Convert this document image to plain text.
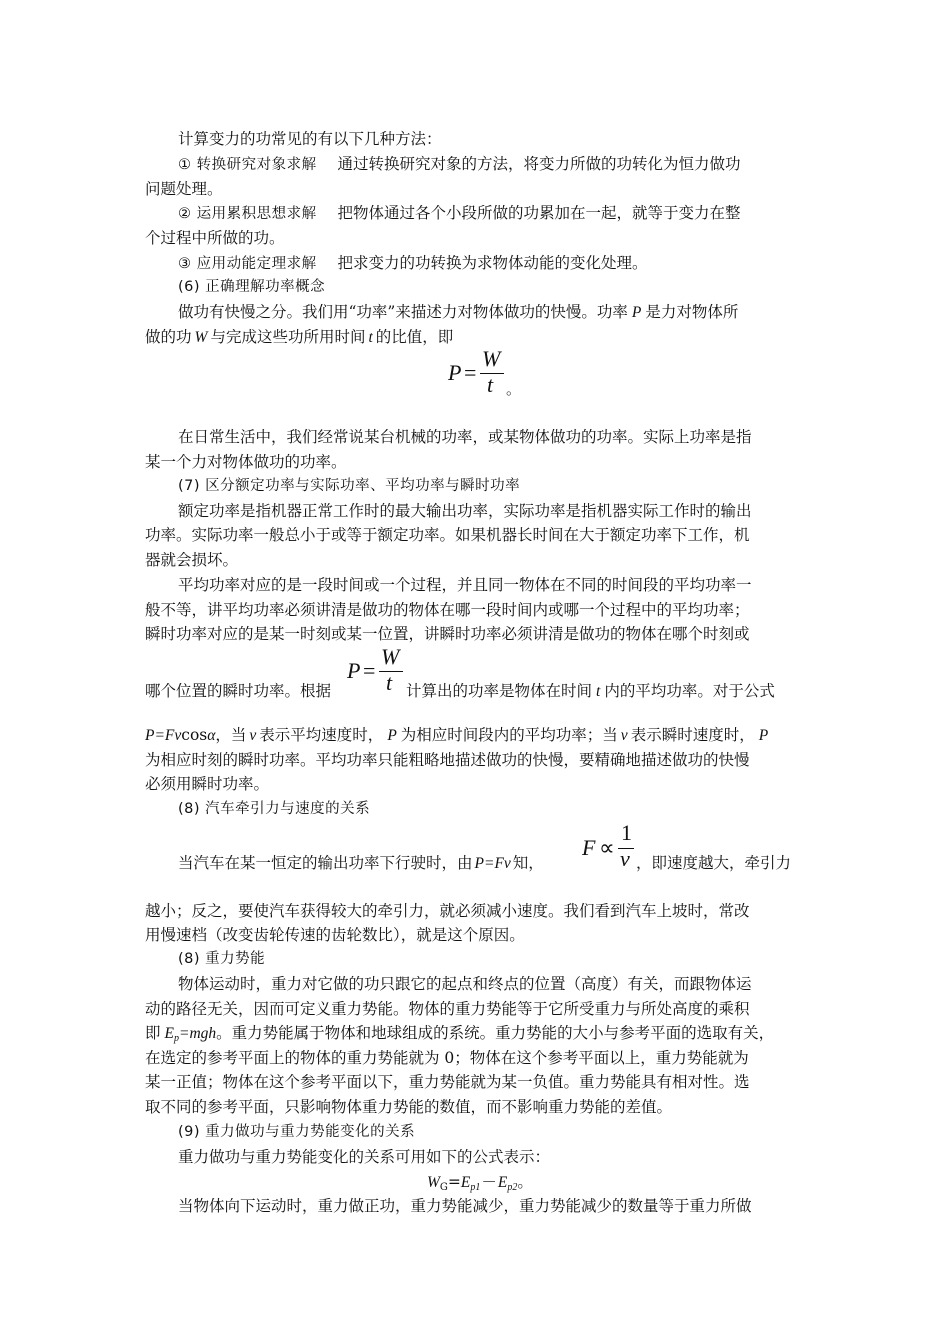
计算变力的功常见的有以下几种方法：
① 转换研究对象求解 通过转换研究对象的方法，将变力所做的功转化为恒力做功
问题处理。
② 运用累积思想求解 把物体通过各个小段所做的功累加在一起，就等于变力在整
个过程中所做的功。
③ 应用动能定理求解 把求变力的功转换为求物体动能的变化处理。
(6) 正确理解功率概念
做功有快慢之分。我们用“功率”来描述力对物体做功的快慢。功率 P 是力对物体所
做的功 W 与完成这些功所用时间 t 的比值，即
P =
W
t 。
在日常生活中，我们经常说某台机械的功率，或某物体做功的功率。实际上功率是指
某一个力对物体做功的功率。
(7) 区分额定功率与实际功率、平均功率与瞬时功率
额定功率是指机器正常工作时的最大输出功率，实际功率是指机器实际工作时的输出
功率。实际功率一般总小于或等于额定功率。如果机器长时间在大于额定功率下工作，机
器就会损坏。
平均功率对应的是一段时间或一个过程，并且同一物体在不同的时间段的平均功率一
般不等，讲平均功率必须讲清是做功的物体在哪一段时间内或哪一个过程中的平均功率；
瞬时功率对应的是某一时刻或某一位置，讲瞬时功率必须讲清是做功的物体在哪个时刻或
P =
W
t
哪个位置的瞬时功率。根据	计算出的功率是物体在时间 t 内的平均功率。对于公式
P=Fvcosα，当 v 表示平均速度时， P 为相应时间段内的平均功率；当 v 表示瞬时速度时， P
为相应时刻的瞬时功率。平均功率只能粗略地描述做功的快慢，要精确地描述做功的快慢
必须用瞬时功率。
(8) 汽车牵引力与速度的关系
F ∝
1
v
当汽车在某一恒定的输出功率下行驶时，由 P=Fv 知，	，即速度越大，牵引力
越小；反之，要使汽车获得较大的牵引力，就必须减小速度。我们看到汽车上坡时，常改
用慢速档（改变齿轮传速的齿轮数比），就是这个原因。
(8) 重力势能
物体运动时，重力对它做的功只跟它的起点和终点的位置（高度）有关，而跟物体运
动的路径无关，因而可定义重力势能。物体的重力势能等于它所受重力与所处高度的乘积
即 $E_p=mgh$。重力势能属于物体和地球组成的系统。重力势能的大小与参考平面的选取有关，
在选定的参考平面上的物体的重力势能就为 0；物体在这个参考平面以上，重力势能就为
某一正值；物体在这个参考平面以下，重力势能就为某一负值。重力势能具有相对性。选
取不同的参考平面，只影响物体重力势能的数值，而不影响重力势能的差值。
(9) 重力做功与重力势能变化的关系
重力做功与重力势能变化的关系可用如下的公式表示：
$W_G=E_{p1}-E_{p2}$。
当物体向下运动时，重力做正功，重力势能减少，重力势能减少的数量等于重力所做
